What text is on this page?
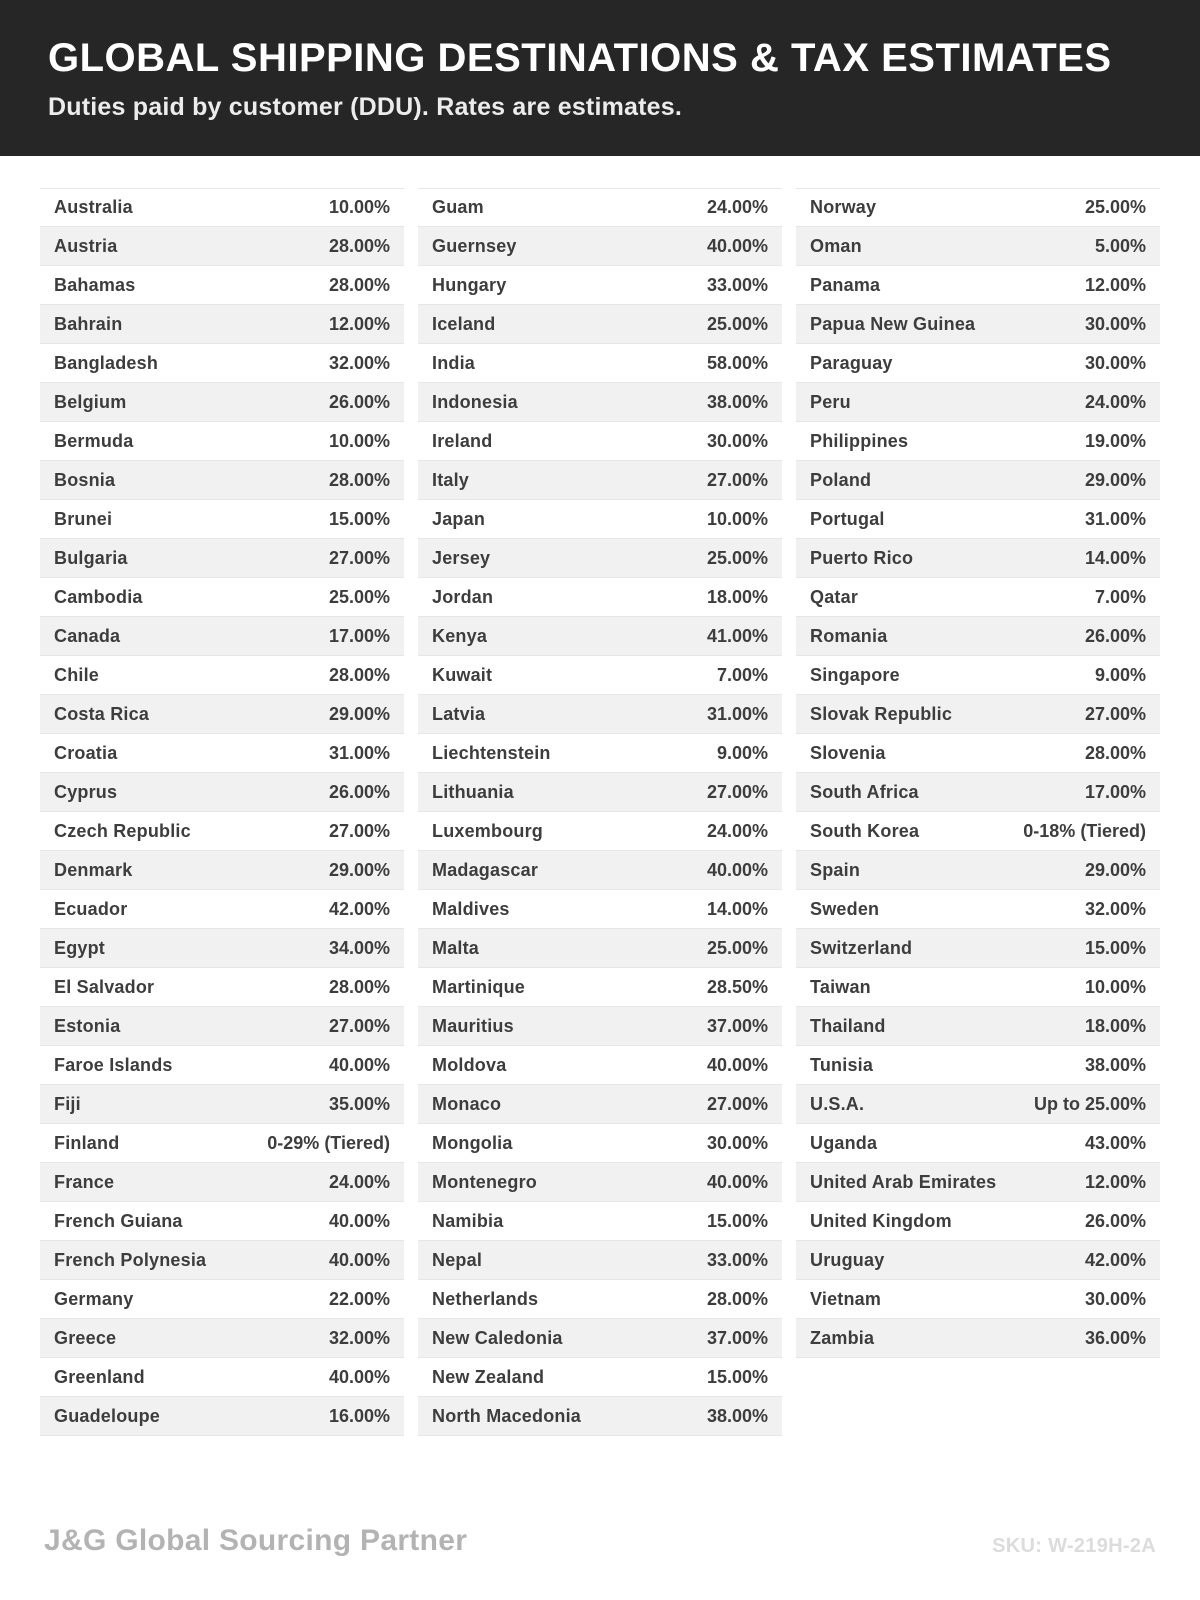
GLOBAL SHIPPING DESTINATIONS & TAX ESTIMATES

Duties paid by customer (DDU). Rates are estimates.

Australia	10.00%
Austria	28.00%
Bahamas	28.00%
Bahrain	12.00%
Bangladesh	32.00%
Belgium	26.00%
Bermuda	10.00%
Bosnia	28.00%
Brunei	15.00%
Bulgaria	27.00%
Cambodia	25.00%
Canada	17.00%
Chile	28.00%
Costa Rica	29.00%
Croatia	31.00%
Cyprus	26.00%
Czech Republic	27.00%
Denmark	29.00%
Ecuador	42.00%
Egypt	34.00%
El Salvador	28.00%
Estonia	27.00%
Faroe Islands	40.00%
Fiji	35.00%
Finland	0-29% (Tiered)
France	24.00%
French Guiana	40.00%
French Polynesia	40.00%
Germany	22.00%
Greece	32.00%
Greenland	40.00%
Guadeloupe	16.00%
Guam	24.00%
Guernsey	40.00%
Hungary	33.00%
Iceland	25.00%
India	58.00%
Indonesia	38.00%
Ireland	30.00%
Italy	27.00%
Japan	10.00%
Jersey	25.00%
Jordan	18.00%
Kenya	41.00%
Kuwait	7.00%
Latvia	31.00%
Liechtenstein	9.00%
Lithuania	27.00%
Luxembourg	24.00%
Madagascar	40.00%
Maldives	14.00%
Malta	25.00%
Martinique	28.50%
Mauritius	37.00%
Moldova	40.00%
Monaco	27.00%
Mongolia	30.00%
Montenegro	40.00%
Namibia	15.00%
Nepal	33.00%
Netherlands	28.00%
New Caledonia	37.00%
New Zealand	15.00%
North Macedonia	38.00%
Norway	25.00%
Oman	5.00%
Panama	12.00%
Papua New Guinea	30.00%
Paraguay	30.00%
Peru	24.00%
Philippines	19.00%
Poland	29.00%
Portugal	31.00%
Puerto Rico	14.00%
Qatar	7.00%
Romania	26.00%
Singapore	9.00%
Slovak Republic	27.00%
Slovenia	28.00%
South Africa	17.00%
South Korea	0-18% (Tiered)
Spain	29.00%
Sweden	32.00%
Switzerland	15.00%
Taiwan	10.00%
Thailand	18.00%
Tunisia	38.00%
U.S.A.	Up to 25.00%
Uganda	43.00%
United Arab Emirates	12.00%
United Kingdom	26.00%
Uruguay	42.00%
Vietnam	30.00%
Zambia	36.00%
J&G Global Sourcing Partner	SKU: W-219H-2A
